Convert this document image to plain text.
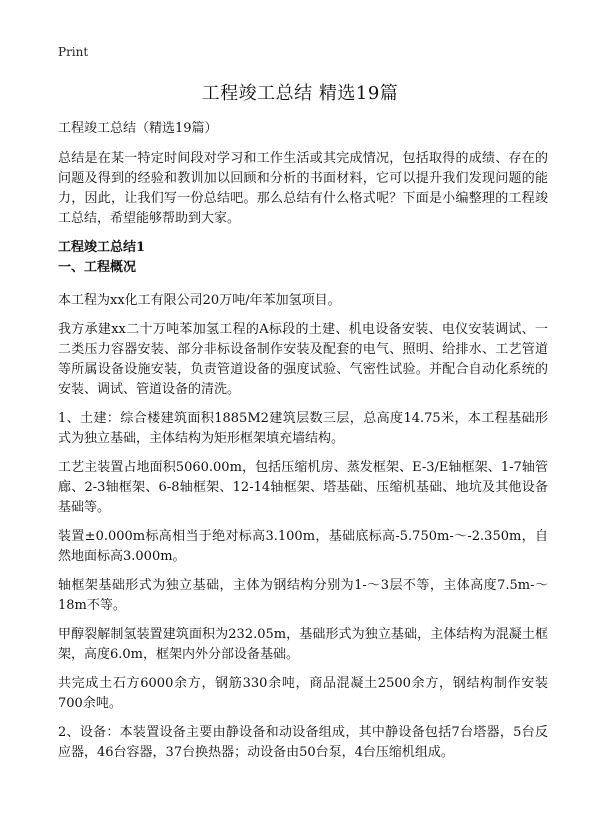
Print
工程竣工总结 精选19篇

工程竣工总结（精选19篇）

总结是在某一特定时间段对学习和工作生活或其完成情况，包括取得的成绩、存在的问题及得到的经验和教训加以回顾和分析的书面材料，它可以提升我们发现问题的能力，因此，让我们写一份总结吧。那么总结有什么格式呢？下面是小编整理的工程竣工总结，希望能够帮助到大家。

工程竣工总结1

一、工程概况

本工程为xx化工有限公司20万吨/年苯加氢项目。

我方承建xx二十万吨苯加氢工程的A标段的土建、机电设备安装、电仪安装调试、一二类压力容器安装、部分非标设备制作安装及配套的电气、照明、给排水、工艺管道等所属设备设施安装，负责管道设备的强度试验、气密性试验。并配合自动化系统的安装、调试、管道设备的清洗。

1、土建：综合楼建筑面积1885M2建筑层数三层，总高度14.75米，本工程基础形式为独立基础，主体结构为矩形框架填充墙结构。

工艺主装置占地面积5060.00m，包括压缩机房、蒸发框架、E-3/E轴框架、1-7轴管廊、2-3轴框架、6-8轴框架、12-14轴框架、塔基础、压缩机基础、地坑及其他设备基础等。

装置±0.000m标高相当于绝对标高3.100m，基础底标高-5.750m-～-2.350m，自然地面标高3.000m。

轴框架基础形式为独立基础，主体为钢结构分别为1-～3层不等，主体高度7.5m-～18m不等。

甲醇裂解制氢装置建筑面积为232.05m，基础形式为独立基础，主体结构为混凝土框架，高度6.0m，框架内外分部设备基础。

共完成土石方6000余方，钢筋330余吨，商品混凝土2500余方，钢结构制作安装700余吨。

2、设备：本装置设备主要由静设备和动设备组成，其中静设备包括7台塔器，5台反应器，46台容器，37台换热器；动设备由50台泵，4台压缩机组成。
